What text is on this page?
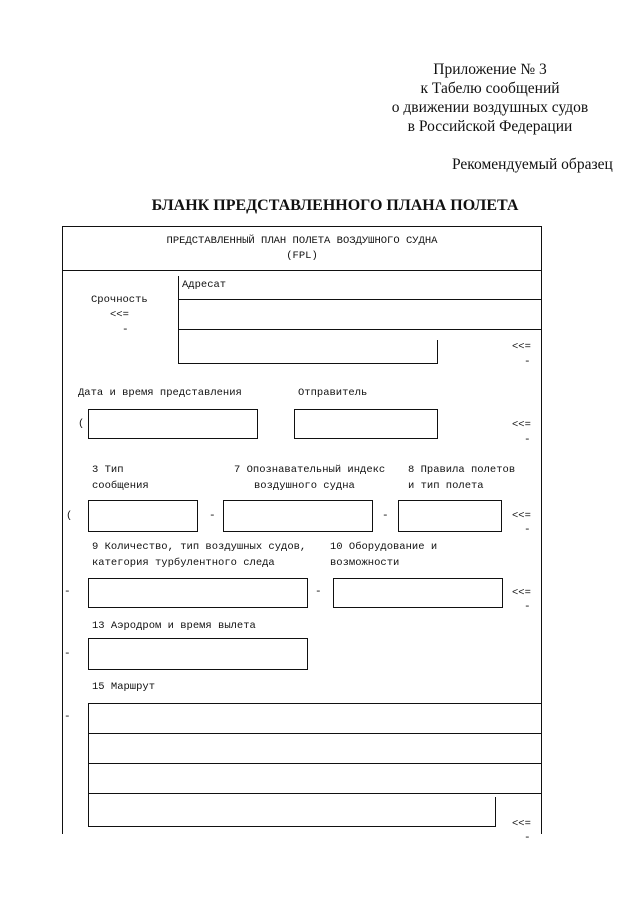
Приложение № 3
к Табелю сообщений
о движении воздушных судов
в Российской Федерации
Рекомендуемый образец
БЛАНК ПРЕДСТАВЛЕННОГО ПЛАНА ПОЛЕТА
ПРЕДСТАВЛЕННЫЙ ПЛАН ПОЛЕТА ВОЗДУШНОГО СУДНА
(FPL)
Адресат
Срочность
<<=
-
<<=
-
Дата и время представления	Отправитель
(	<<=
-
3 Тип
сообщения
7 Опознавательный индекс
воздушного судна
8 Правила полетов
и тип полета
(	-	-	<<=
-
9 Количество, тип воздушных судов,
категория турбулентного следа
10 Оборудование и
возможности
-	-	<<=
-
13 Аэродром и время вылета
-
15 Маршрут
-
<<=
-
